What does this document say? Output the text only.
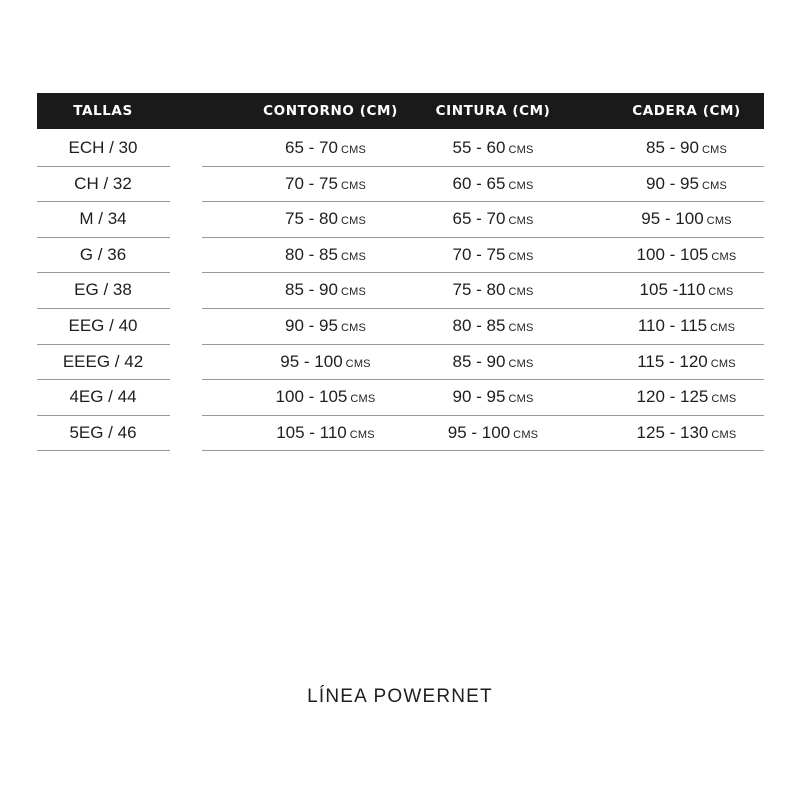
TALLAS	CONTORNO (CM)	CINTURA (CM)	CADERA (CM)
ECH / 30	65 - 70 CMS	55 - 60 CMS	85 - 90 CMS
CH / 32	70 - 75 CMS	60 - 65 CMS	90 - 95 CMS
M / 34	75 - 80 CMS	65 - 70 CMS	95 - 100 CMS
G / 36	80 - 85 CMS	70 - 75 CMS	100 - 105 CMS
EG / 38	85 - 90 CMS	75 - 80 CMS	105 -110 CMS
EEG / 40	90 - 95 CMS	80 - 85 CMS	110 - 115 CMS
EEEG / 42	95 - 100 CMS	85 - 90 CMS	115 - 120 CMS
4EG / 44	100 - 105 CMS	90 - 95 CMS	120 - 125 CMS
5EG / 46	105 - 110 CMS	95 - 100 CMS	125 - 130 CMS
LÍNEA POWERNET
